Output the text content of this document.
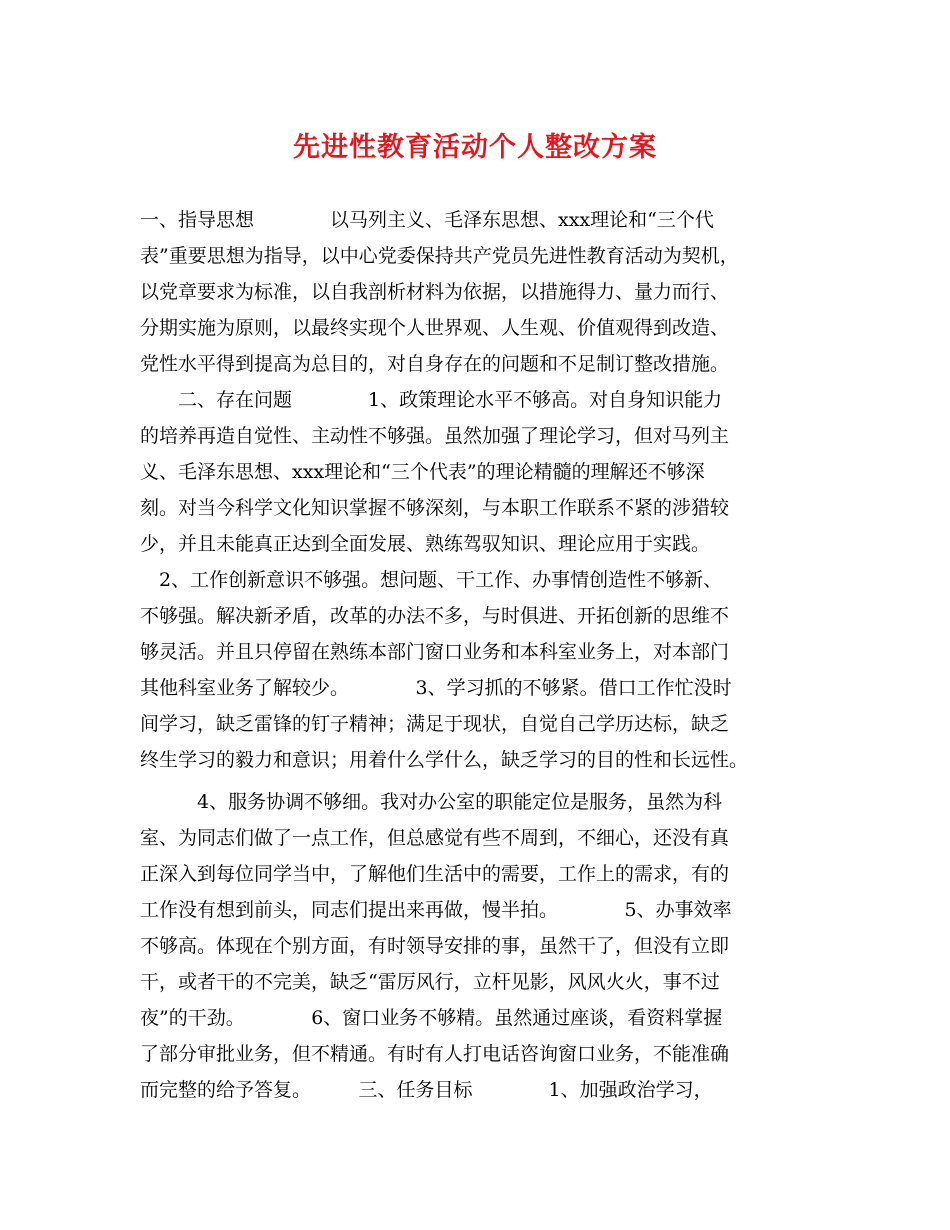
先进性教育活动个人整改方案
一、指导思想　　　　以马列主义、毛泽东思想、xxx理论和“三个代
表”重要思想为指导，以中心党委保持共产党员先进性教育活动为契机，
以党章要求为标准，以自我剖析材料为依据，以措施得力、量力而行、
分期实施为原则，以最终实现个人世界观、人生观、价值观得到改造、
党性水平得到提高为总目的，对自身存在的问题和不足制订整改措施。
　　二、存在问题　　　　1、政策理论水平不够高。对自身知识能力
的培养再造自觉性、主动性不够强。虽然加强了理论学习，但对马列主
义、毛泽东思想、xxx理论和“三个代表”的理论精髓的理解还不够深
刻。对当今科学文化知识掌握不够深刻，与本职工作联系不紧的涉猎较
少，并且未能真正达到全面发展、熟练驾驭知识、理论应用于实践。
　2、工作创新意识不够强。想问题、干工作、办事情创造性不够新、
不够强。解决新矛盾，改革的办法不多，与时俱进、开拓创新的思维不
够灵活。并且只停留在熟练本部门窗口业务和本科室业务上，对本部门
其他科室业务了解较少。　　　　3、学习抓的不够紧。借口工作忙没时
间学习，缺乏雷锋的钉子精神；满足于现状，自觉自己学历达标，缺乏
终生学习的毅力和意识；用着什么学什么，缺乏学习的目的性和长远性。
　　　4、服务协调不够细。我对办公室的职能定位是服务，虽然为科
室、为同志们做了一点工作，但总感觉有些不周到，不细心，还没有真
正深入到每位同学当中，了解他们生活中的需要，工作上的需求，有的
工作没有想到前头，同志们提出来再做，慢半拍。　　　　5、办事效率
不够高。体现在个别方面，有时领导安排的事，虽然干了，但没有立即
干，或者干的不完美，缺乏“雷厉风行，立杆见影，风风火火，事不过
夜”的干劲。　　　　6、窗口业务不够精。虽然通过座谈，看资料掌握
了部分审批业务，但不精通。有时有人打电话咨询窗口业务，不能准确
而完整的给予答复。　　　三、任务目标　　　　1、加强政治学习，
